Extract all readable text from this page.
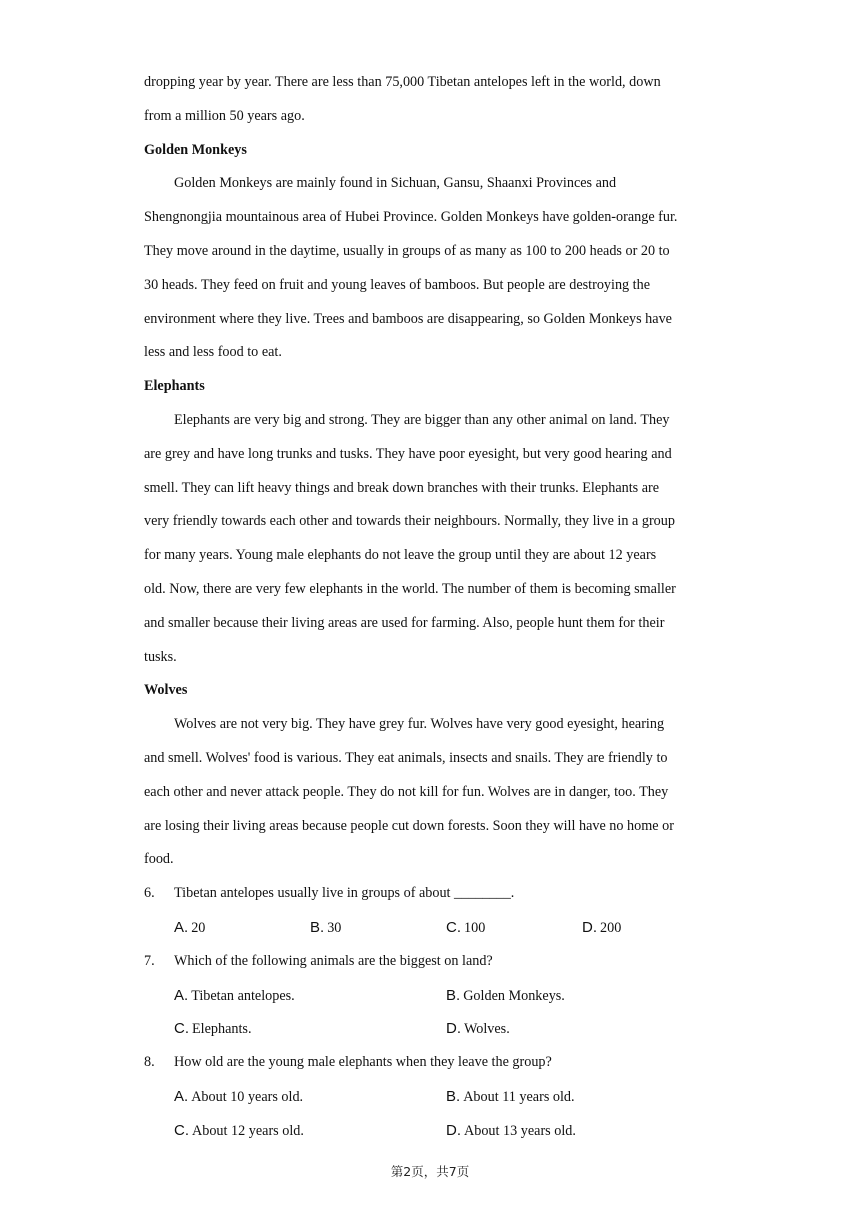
dropping year by year. There are less than 75,000 Tibetan antelopes left in the world, down
from a million 50 years ago.
Golden Monkeys
Golden Monkeys are mainly found in Sichuan, Gansu, Shaanxi Provinces and
Shengnongjia mountainous area of Hubei Province. Golden Monkeys have golden-orange fur.
They move around in the daytime, usually in groups of as many as 100 to 200 heads or 20 to
30 heads. They feed on fruit and young leaves of bamboos. But people are destroying the
environment where they live. Trees and bamboos are disappearing, so Golden Monkeys have
less and less food to eat.
Elephants
Elephants are very big and strong. They are bigger than any other animal on land. They
are grey and have long trunks and tusks. They have poor eyesight, but very good hearing and
smell. They can lift heavy things and break down branches with their trunks. Elephants are
very friendly towards each other and towards their neighbours. Normally, they live in a group
for many years. Young male elephants do not leave the group until they are about 12 years
old. Now, there are very few elephants in the world. The number of them is becoming smaller
and smaller because their living areas are used for farming. Also, people hunt them for their
tusks.
Wolves
Wolves are not very big. They have grey fur. Wolves have very good eyesight, hearing
and smell. Wolves' food is various. They eat animals, insects and snails. They are friendly to
each other and never attack people. They do not kill for fun. Wolves are in danger, too. They
are losing their living areas because people cut down forests. Soon they will have no home or
food.
6.	Tibetan antelopes usually live in groups of about ________.
A. 20	B. 30	C. 100	D. 200
7.	Which of the following animals are the biggest on land?
A. Tibetan antelopes.	B. Golden Monkeys.
C. Elephants.	D. Wolves.
8.	How old are the young male elephants when they leave the group?
A. About 10 years old.	B. About 11 years old.
C. About 12 years old.	D. About 13 years old.
第2页，共7页
